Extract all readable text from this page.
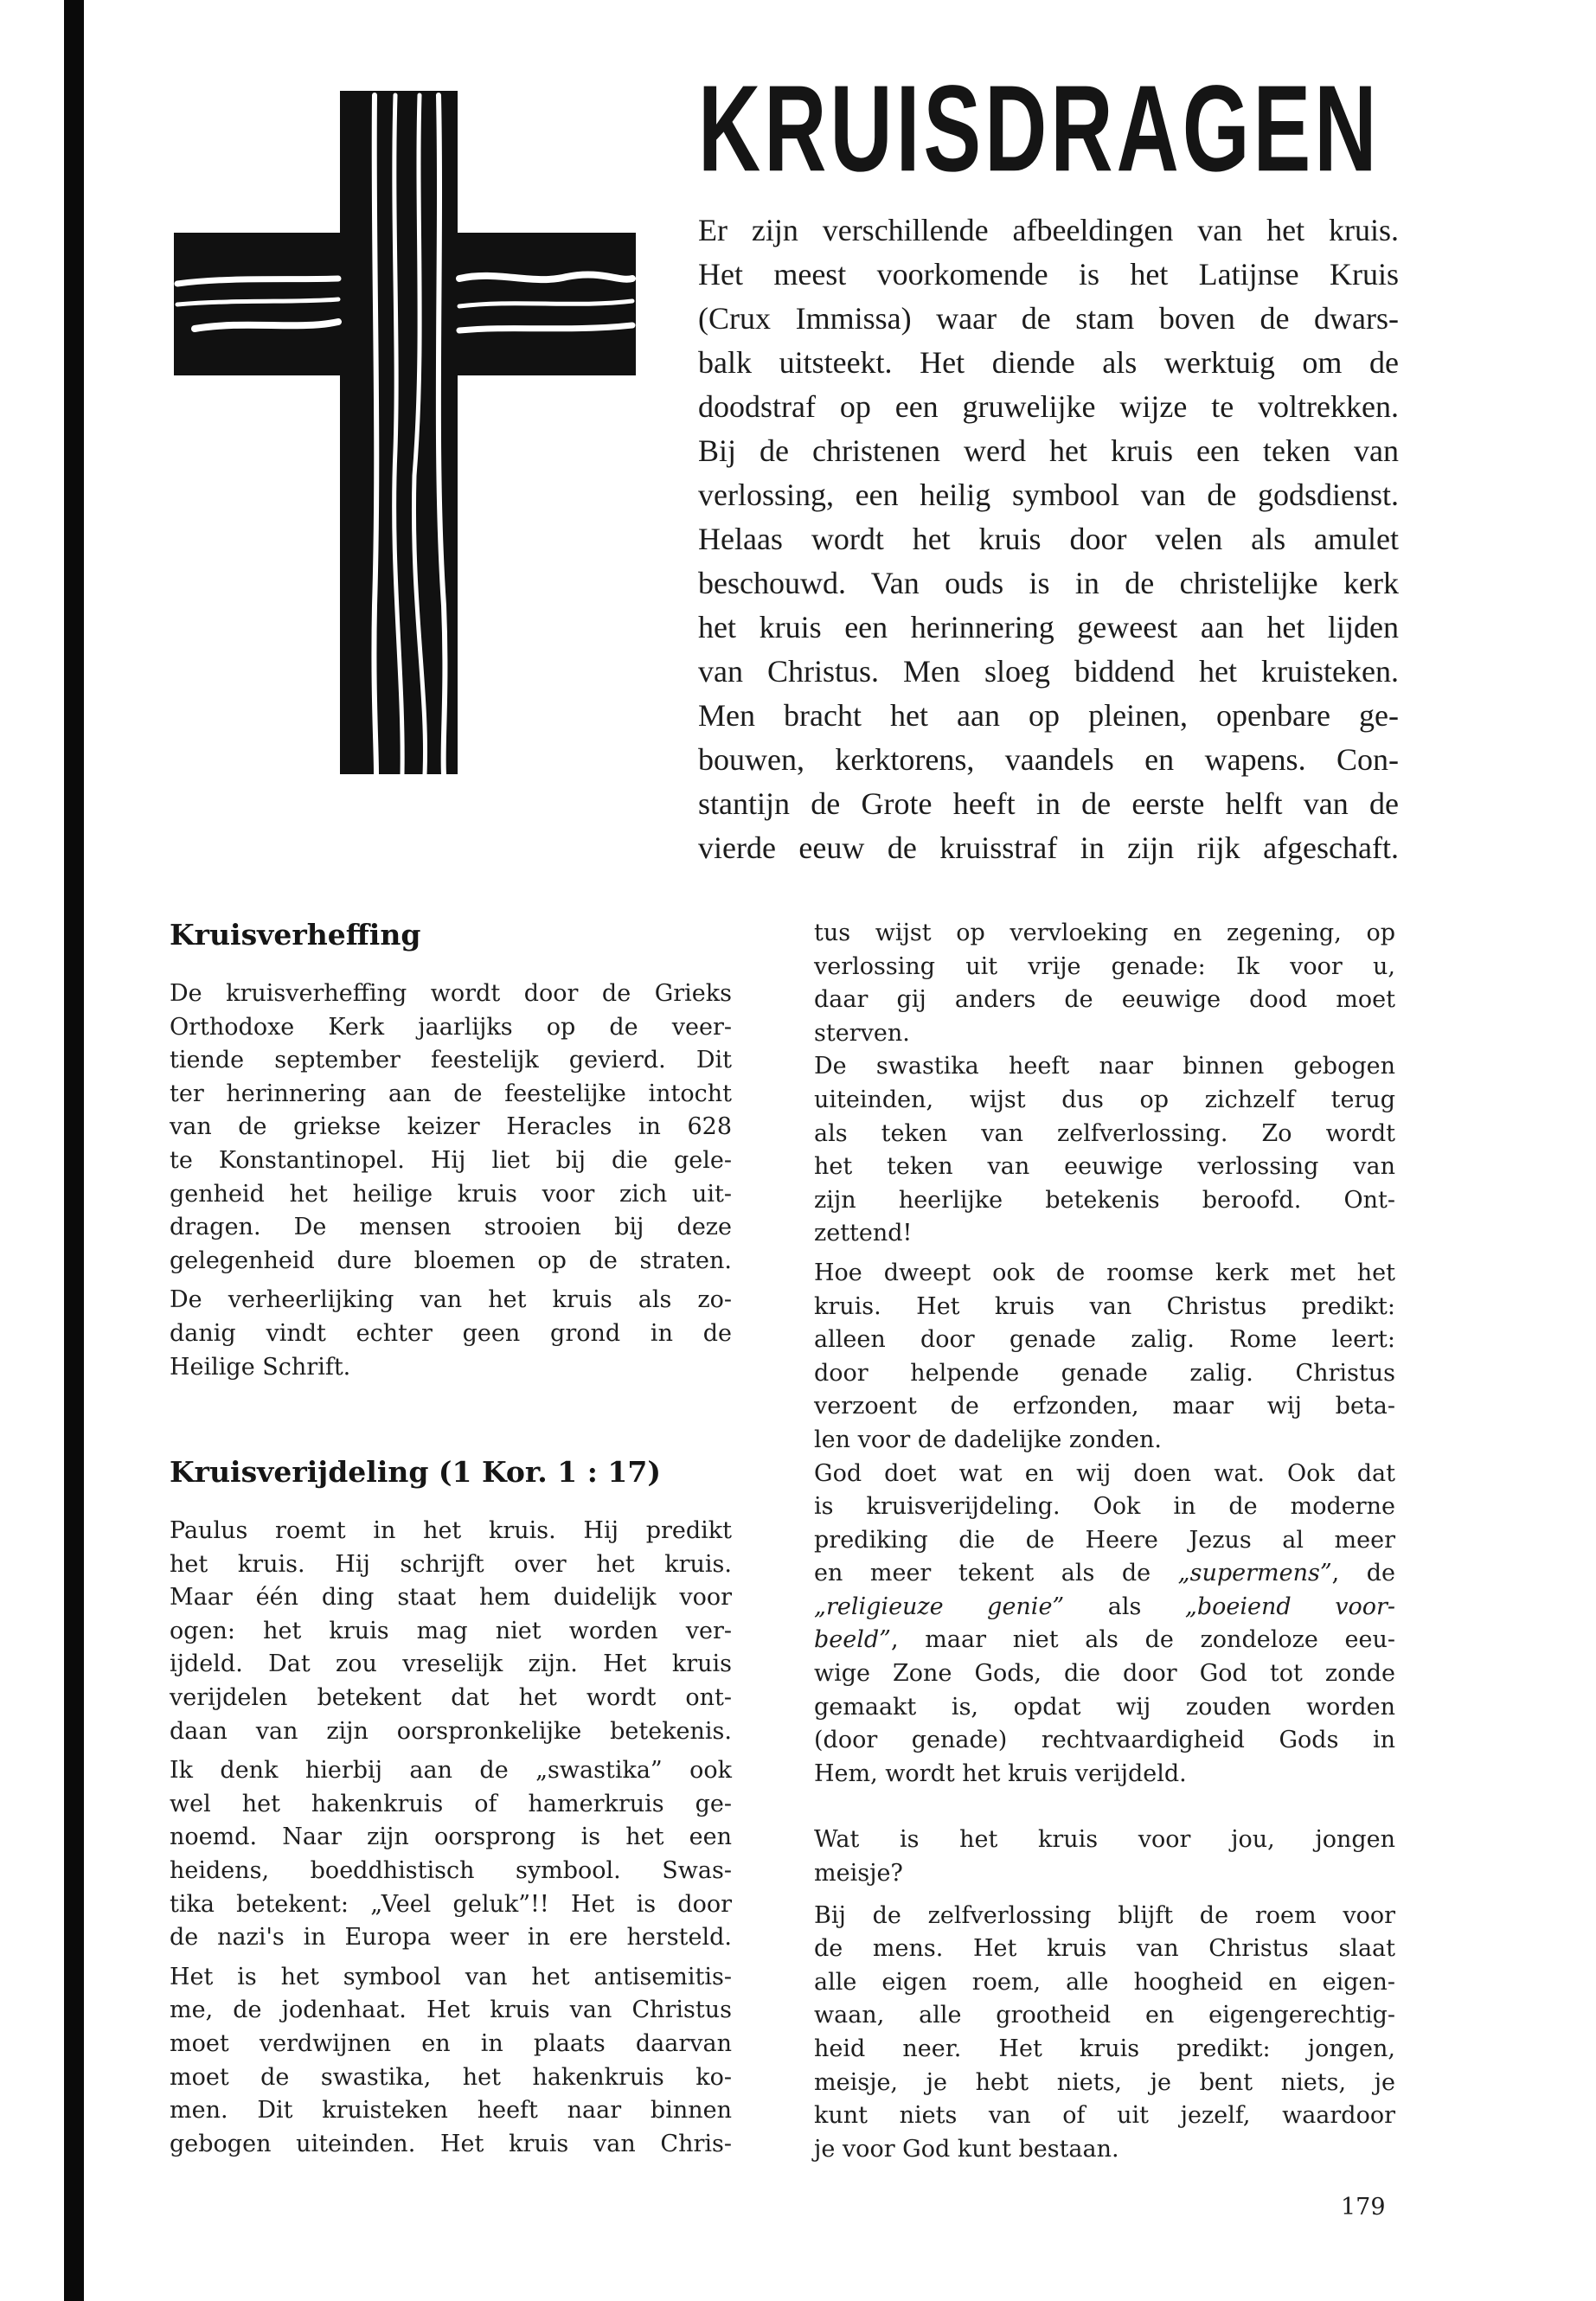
KRUISDRAGEN
Er zijn verschillende afbeeldingen van het kruis.
Het meest voorkomende is het Latijnse Kruis
(Crux Immissa) waar de stam boven de dwars-
balk uitsteekt. Het diende als werktuig om de
doodstraf op een gruwelijke wijze te voltrekken.
Bij de christenen werd het kruis een teken van
verlossing, een heilig symbool van de godsdienst.
Helaas wordt het kruis door velen als amulet
beschouwd. Van ouds is in de christelijke kerk
het kruis een herinnering geweest aan het lijden
van Christus. Men sloeg biddend het kruisteken.
Men bracht het aan op pleinen, openbare ge-
bouwen, kerktorens, vaandels en wapens. Con-
stantijn de Grote heeft in de eerste helft van de
vierde eeuw de kruisstraf in zijn rijk afgeschaft.
Kruisverheffing
De kruisverheffing wordt door de Grieks
Orthodoxe Kerk jaarlijks op de veer-
tiende september feestelijk gevierd. Dit
ter herinnering aan de feestelijke intocht
van de griekse keizer Heracles in 628
te Konstantinopel. Hij liet bij die gele-
genheid het heilige kruis voor zich uit-
dragen. De mensen strooien bij deze
gelegenheid dure bloemen op de straten.
De verheerlijking van het kruis als zo-
danig vindt echter geen grond in de
Heilige Schrift.
Kruisverijdeling (1 Kor. 1 : 17)
Paulus roemt in het kruis. Hij predikt
het kruis. Hij schrijft over het kruis.
Maar één ding staat hem duidelijk voor
ogen: het kruis mag niet worden ver-
ijdeld. Dat zou vreselijk zijn. Het kruis
verijdelen betekent dat het wordt ont-
daan van zijn oorspronkelijke betekenis.
Ik denk hierbij aan de „swastika” ook
wel het hakenkruis of hamerkruis ge-
noemd. Naar zijn oorsprong is het een
heidens, boeddhistisch symbool. Swas-
tika betekent: „Veel geluk”!! Het is door
de nazi's in Europa weer in ere hersteld.
Het is het symbool van het antisemitis-
me, de jodenhaat. Het kruis van Christus
moet verdwijnen en in plaats daarvan
moet de swastika, het hakenkruis ko-
men. Dit kruisteken heeft naar binnen
gebogen uiteinden. Het kruis van Chris-
tus wijst op vervloeking en zegening, op
verlossing uit vrije genade: Ik voor u,
daar gij anders de eeuwige dood moet
sterven.
De swastika heeft naar binnen gebogen
uiteinden, wijst dus op zichzelf terug
als teken van zelfverlossing. Zo wordt
het teken van eeuwige verlossing van
zijn heerlijke betekenis beroofd. Ont-
zettend!
Hoe dweept ook de roomse kerk met het
kruis. Het kruis van Christus predikt:
alleen door genade zalig. Rome leert:
door helpende genade zalig. Christus
verzoent de erfzonden, maar wij beta-
len voor de dadelijke zonden.
God doet wat en wij doen wat. Ook dat
is kruisverijdeling. Ook in de moderne
prediking die de Heere Jezus al meer
en meer tekent als de „supermens”, de
„religieuze genie” als „boeiend voor-
beeld”, maar niet als de zondeloze eeu-
wige Zone Gods, die door God tot zonde
gemaakt is, opdat wij zouden worden
(door genade) rechtvaardigheid Gods in
Hem, wordt het kruis verijdeld.
Wat is het kruis voor jou, jongen
meisje?
Bij de zelfverlossing blijft de roem voor
de mens. Het kruis van Christus slaat
alle eigen roem, alle hoogheid en eigen-
waan, alle grootheid en eigengerechtig-
heid neer. Het kruis predikt: jongen,
meisje, je hebt niets, je bent niets, je
kunt niets van of uit jezelf, waardoor
je voor God kunt bestaan.
179
